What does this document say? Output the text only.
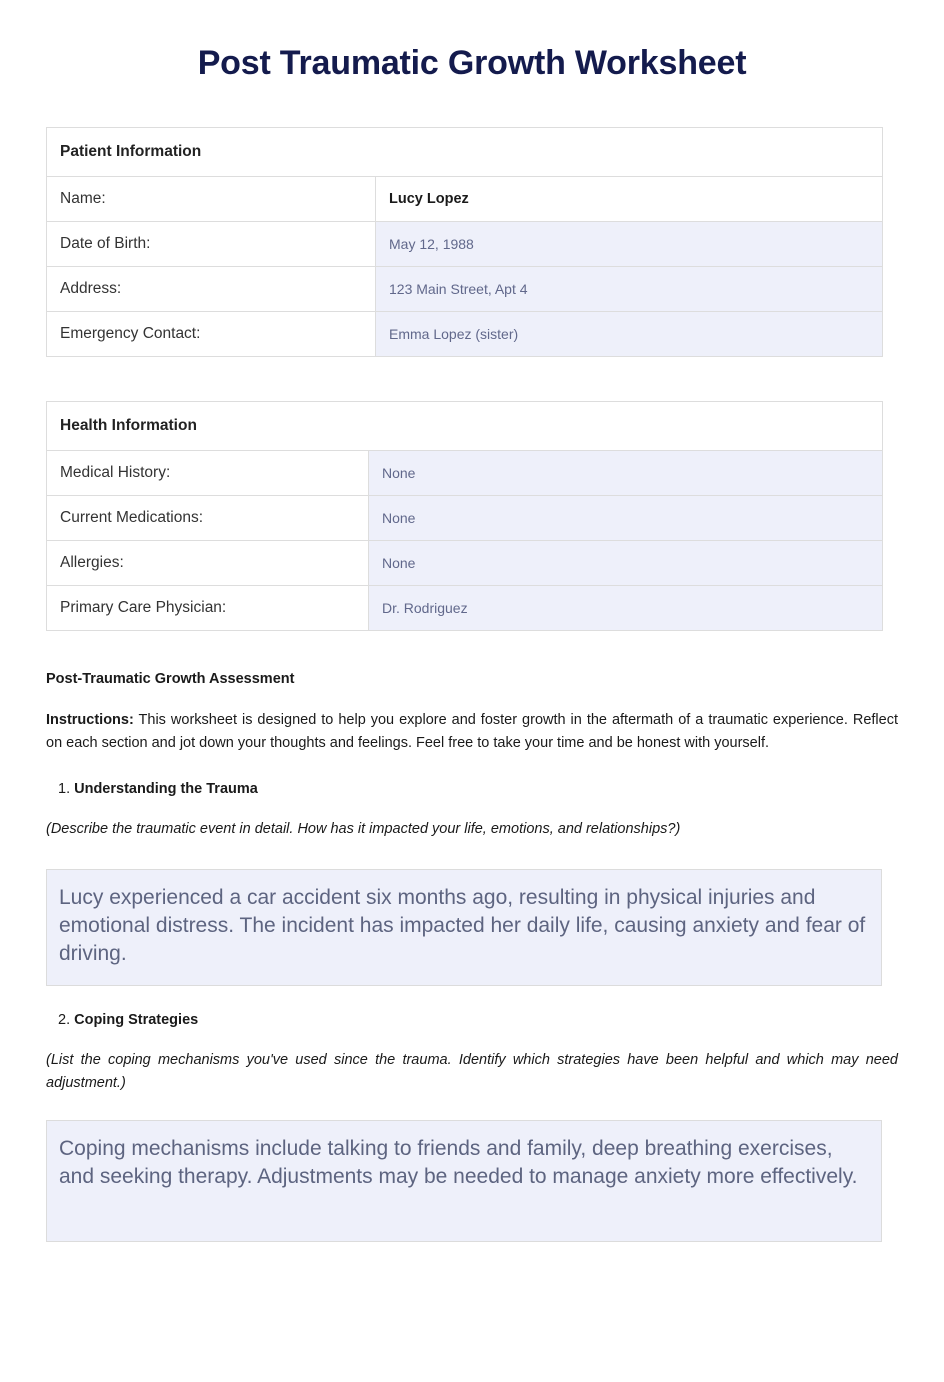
Post Traumatic Growth Worksheet
Patient Information	
Name:	Lucy Lopez
Date of Birth:	May 12, 1988
Address:	123 Main Street, Apt 4
Emergency Contact:	Emma Lopez (sister)
Health Information	
Medical History:	None
Current Medications:	None
Allergies:	None
Primary Care Physician:	Dr. Rodriguez

Post-Traumatic Growth Assessment

Instructions: This worksheet is designed to help you explore and foster growth in the aftermath of a traumatic experience. Reflect on each section and jot down your thoughts and feelings. Feel free to take your time and be honest with yourself.

1. Understanding the Trauma

(Describe the traumatic event in detail. How has it impacted your life, emotions, and relationships?)

Lucy experienced a car accident six months ago, resulting in physical injuries and emotional distress. The incident has impacted her daily life, causing anxiety and fear of driving.

2. Coping Strategies

(List the coping mechanisms you've used since the trauma. Identify which strategies have been helpful and which may need adjustment.)

Coping mechanisms include talking to friends and family, deep breathing exercises, and seeking therapy. Adjustments may be needed to manage anxiety more effectively.
